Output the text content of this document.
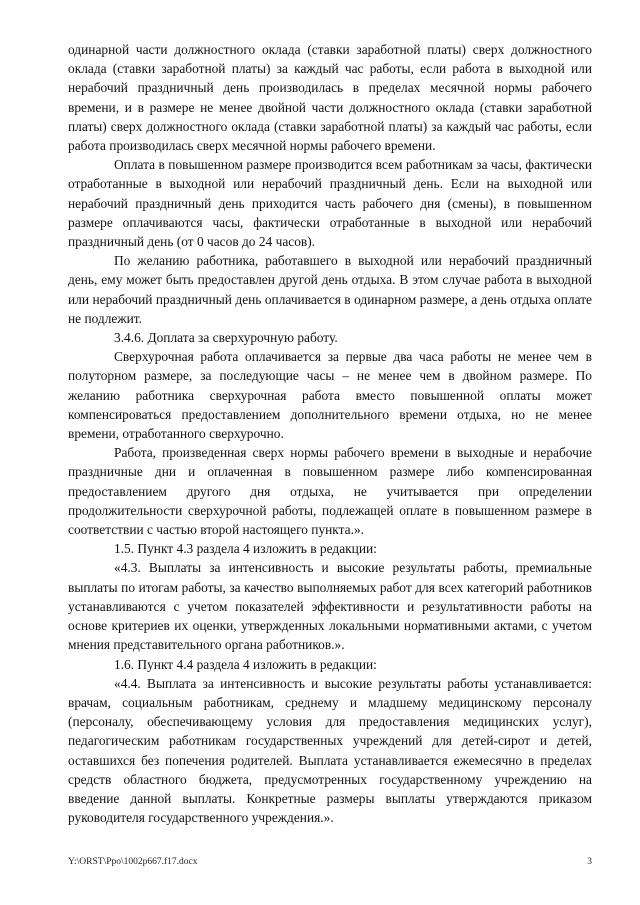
одинарной части должностного оклада (ставки заработной платы) сверх должностного оклада (ставки заработной платы) за каждый час работы, если работа в выходной или нерабочий праздничный день производилась в пределах месячной нормы рабочего времени, и в размере не менее двойной части должностного оклада (ставки заработной платы) сверх должностного оклада (ставки заработной платы) за каждый час работы, если работа производилась сверх месячной нормы рабочего времени.

Оплата в повышенном размере производится всем работникам за часы, фактически отработанные в выходной или нерабочий праздничный день. Если на выходной или нерабочий праздничный день приходится часть рабочего дня (смены), в повышенном размере оплачиваются часы, фактически отработанные в выходной или нерабочий праздничный день (от 0 часов до 24 часов).

По желанию работника, работавшего в выходной или нерабочий праздничный день, ему может быть предоставлен другой день отдыха. В этом случае работа в выходной или нерабочий праздничный день оплачивается в одинарном размере, а день отдыха оплате не подлежит.

3.4.6. Доплата за сверхурочную работу.

Сверхурочная работа оплачивается за первые два часа работы не менее чем в полуторном размере, за последующие часы – не менее чем в двойном размере. По желанию работника сверхурочная работа вместо повышенной оплаты может компенсироваться предоставлением дополнительного времени отдыха, но не менее времени, отработанного сверхурочно.

Работа, произведенная сверх нормы рабочего времени в выходные и нерабочие праздничные дни и оплаченная в повышенном размере либо компенсированная предоставлением другого дня отдыха, не учитывается при определении продолжительности сверхурочной работы, подлежащей оплате в повышенном размере в соответствии с частью второй настоящего пункта.».

1.5. Пункт 4.3 раздела 4 изложить в редакции:

«4.3. Выплаты за интенсивность и высокие результаты работы, премиальные выплаты по итогам работы, за качество выполняемых работ для всех категорий работников устанавливаются с учетом показателей эффективности и результативности работы на основе критериев их оценки, утвержденных локальными нормативными актами, с учетом мнения представительного органа работников.».

1.6. Пункт 4.4 раздела 4 изложить в редакции:

«4.4. Выплата за интенсивность и высокие результаты работы устанавливается: врачам, социальным работникам, среднему и младшему медицинскому персоналу (персоналу, обеспечивающему условия для предоставления медицинских услуг), педагогическим работникам государственных учреждений для детей-сирот и детей, оставшихся без попечения родителей. Выплата устанавливается ежемесячно в пределах средств областного бюджета, предусмотренных государственному учреждению на введение данной выплаты. Конкретные размеры выплаты утверждаются приказом руководителя государственного учреждения.».

Y:\ORST\Ppo\1002p667.f17.docx	3
